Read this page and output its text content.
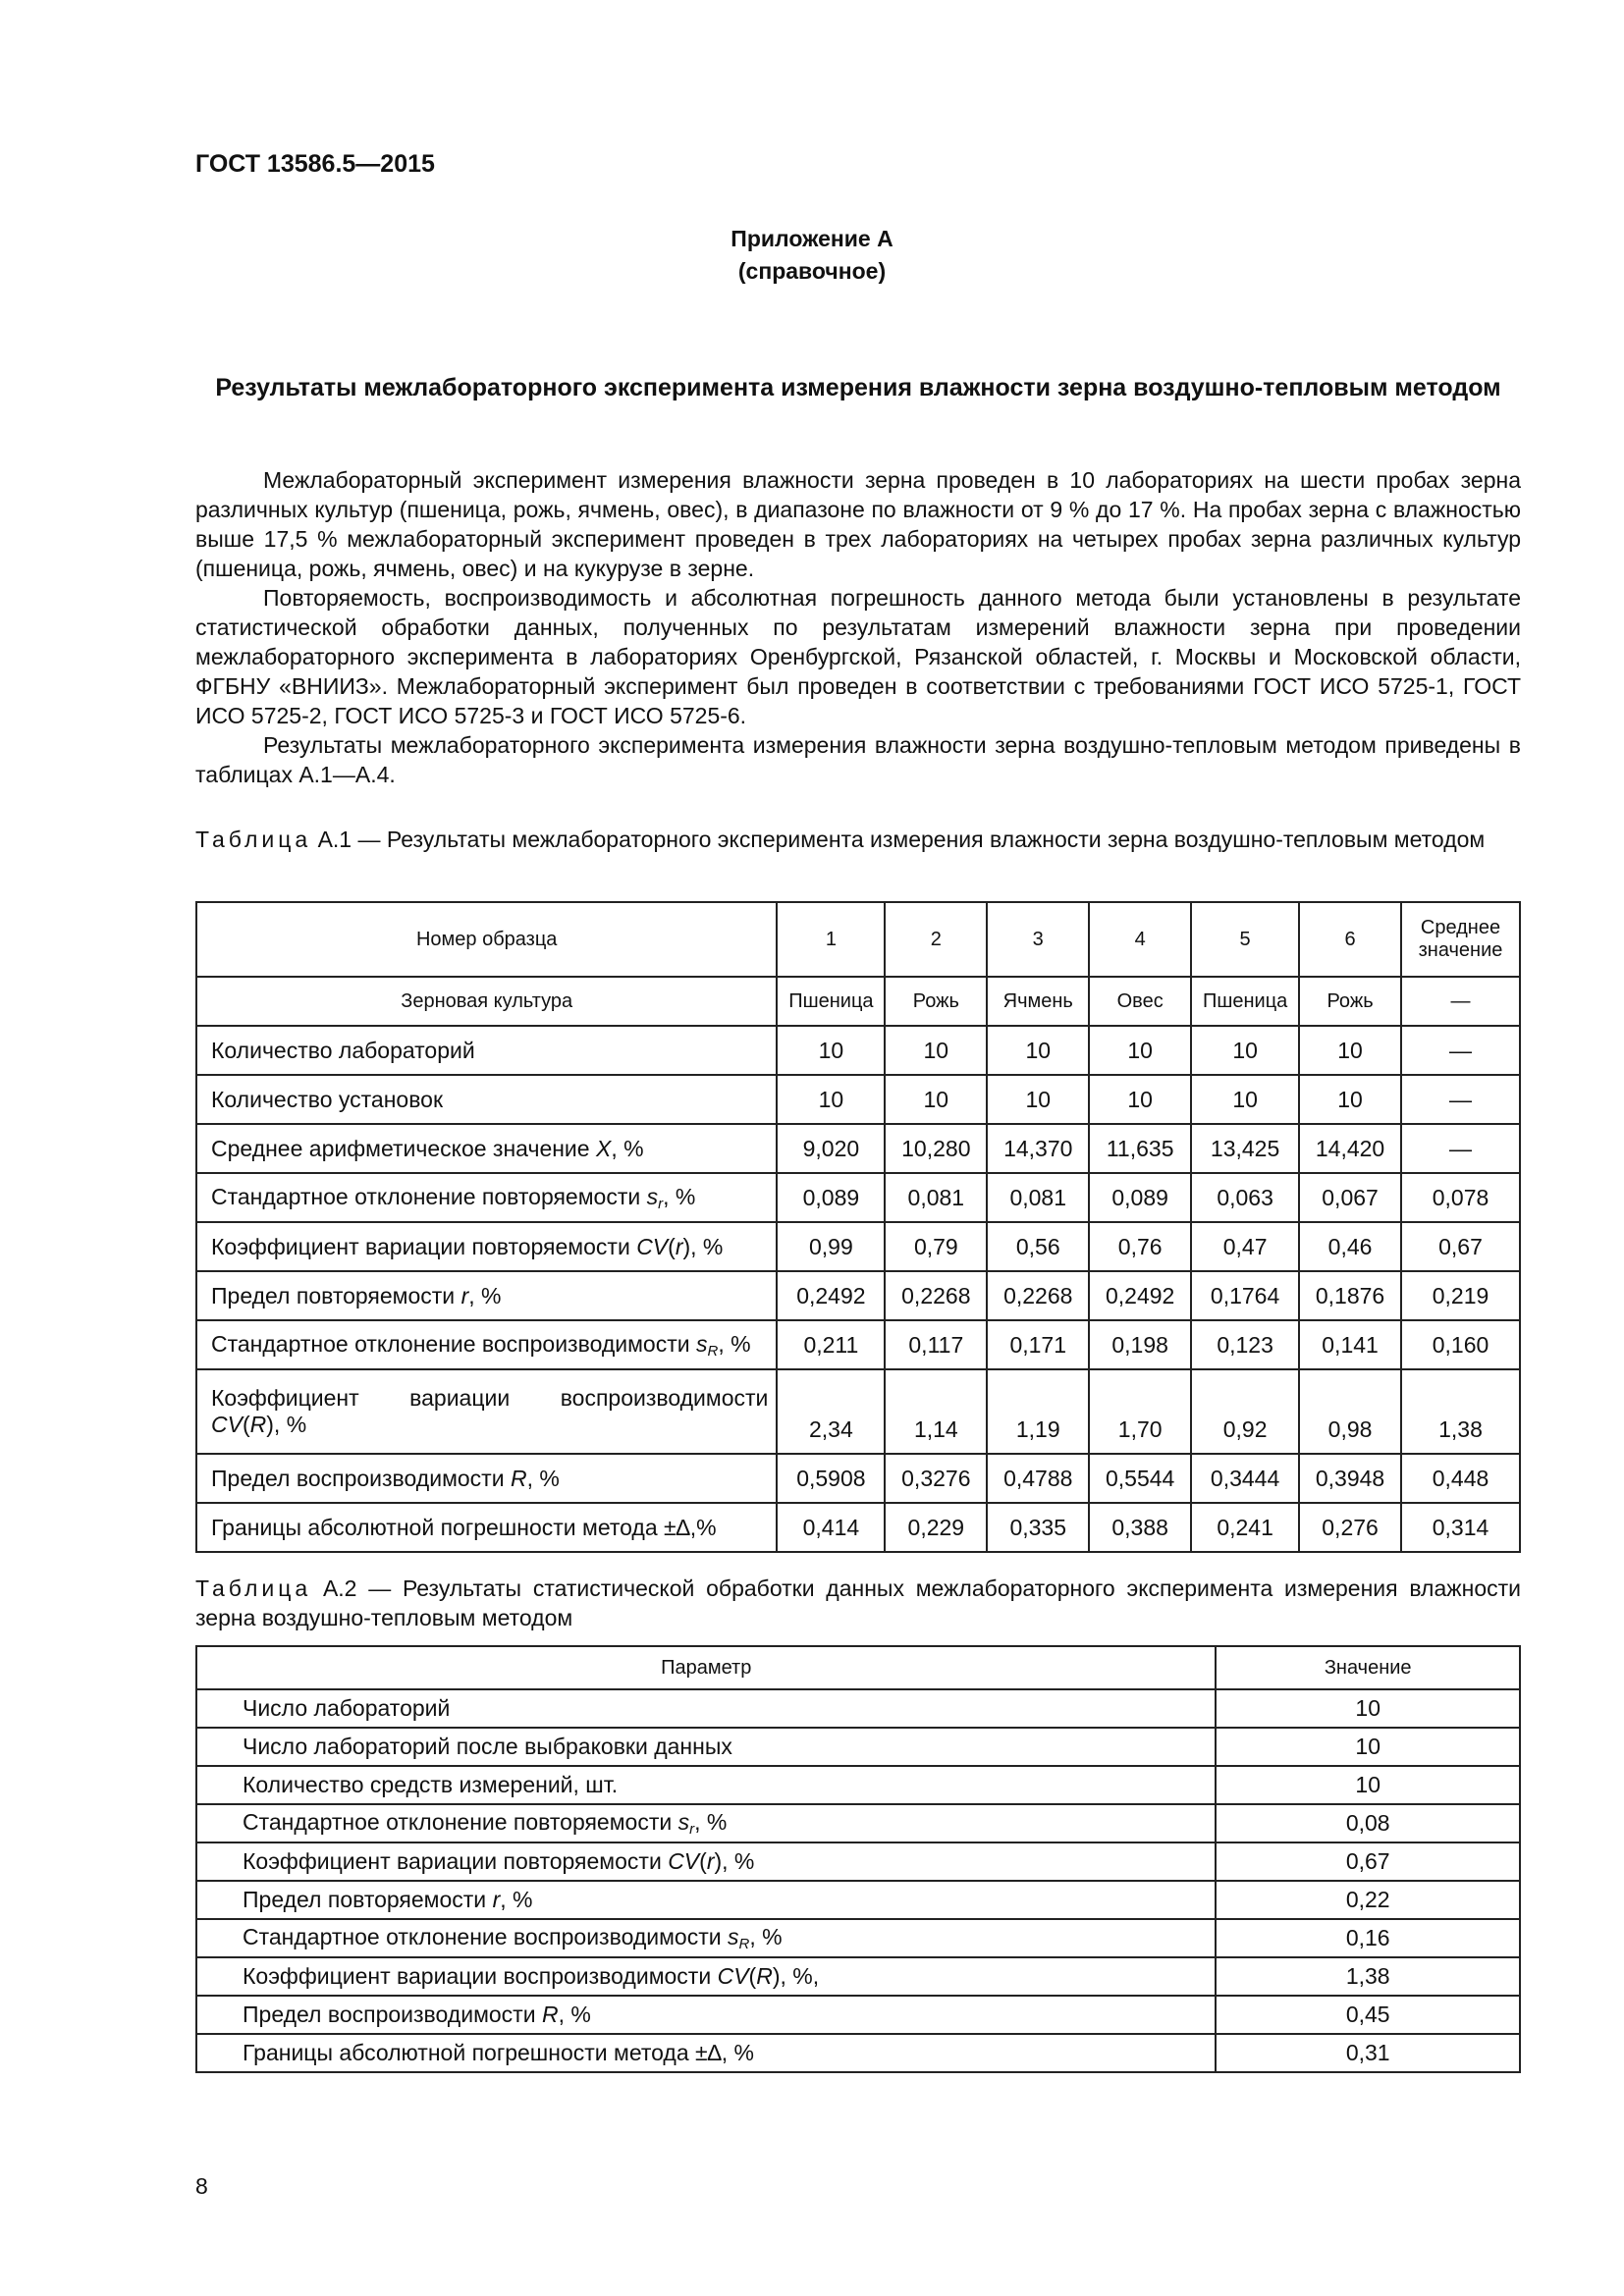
ГОСТ 13586.5—2015
Приложение А
(справочное)
Результаты межлабораторного эксперимента измерения влажности зерна воздушно-тепловым методом

Межлабораторный эксперимент измерения влажности зерна проведен в 10 лабораториях на шести пробах зерна различных культур (пшеница, рожь, ячмень, овес), в диапазоне по влажности от 9 % до 17 %. На пробах зерна с влажностью выше 17,5 % межлабораторный эксперимент проведен в трех лабораториях на четырех пробах зерна различных культур (пшеница, рожь, ячмень, овес) и на кукурузе в зерне.

Повторяемость, воспроизводимость и абсолютная погрешность данного метода были установлены в результате статистической обработки данных, полученных по результатам измерений влажности зерна при проведении межлабораторного эксперимента в лабораториях Оренбургской, Рязанской областей, г. Москвы и Московской области, ФГБНУ «ВНИИЗ». Межлабораторный эксперимент был проведен в соответствии с требованиями ГОСТ ИСО 5725-1, ГОСТ ИСО 5725-2, ГОСТ ИСО 5725-3 и ГОСТ ИСО 5725-6.

Результаты межлабораторного эксперимента измерения влажности зерна воздушно-тепловым методом приведены в таблицах А.1—А.4.

Таблица А.1 — Результаты межлабораторного эксперимента измерения влажности зерна воздушно-тепловым методом
Номер образца	1	2	3	4	5	6	Среднее
значение
Зерновая культура	Пшеница	Рожь	Ячмень	Овес	Пшеница	Рожь	—
Количество лабораторий	10	10	10	10	10	10	—
Количество установок	10	10	10	10	10	10	—
Среднее арифметическое значение X, %	9,020	10,280	14,370	11,635	13,425	14,420	—
Стандартное отклонение повторяемости $s_r$, %	0,089	0,081	0,081	0,089	0,063	0,067	0,078
Коэффициент вариации повторяемости CV(r), %	0,99	0,79	0,56	0,76	0,47	0,46	0,67
Предел повторяемости r, %	0,2492	0,2268	0,2268	0,2492	0,1764	0,1876	0,219
Стандартное отклонение воспроизводимости $s_R$, %	0,211	0,117	0,171	0,198	0,123	0,141	0,160

Коэффициент вариации воспроизводимости
CV(R), %	2,34	1,14	1,19	1,70	0,92	0,98	1,38
Предел воспроизводимости R, %	0,5908	0,3276	0,4788	0,5544	0,3444	0,3948	0,448
Границы абсолютной погрешности метода ±∆,%	0,414	0,229	0,335	0,388	0,241	0,276	0,314
Таблица А.2 — Результаты статистической обработки данных межлабораторного эксперимента измерения влажности зерна воздушно-тепловым методом
Параметр	Значение
Число лабораторий	10
Число лабораторий после выбраковки данных	10
Количество средств измерений, шт.	10
Стандартное отклонение повторяемости $s_r$, %	0,08
Коэффициент вариации повторяемости CV(r), %	0,67
Предел повторяемости r, %	0,22
Стандартное отклонение воспроизводимости $s_R$, %	0,16
Коэффициент вариации воспроизводимости CV(R), %,	1,38
Предел воспроизводимости R, %	0,45
Границы абсолютной погрешности метода ±∆, %	0,31
8
